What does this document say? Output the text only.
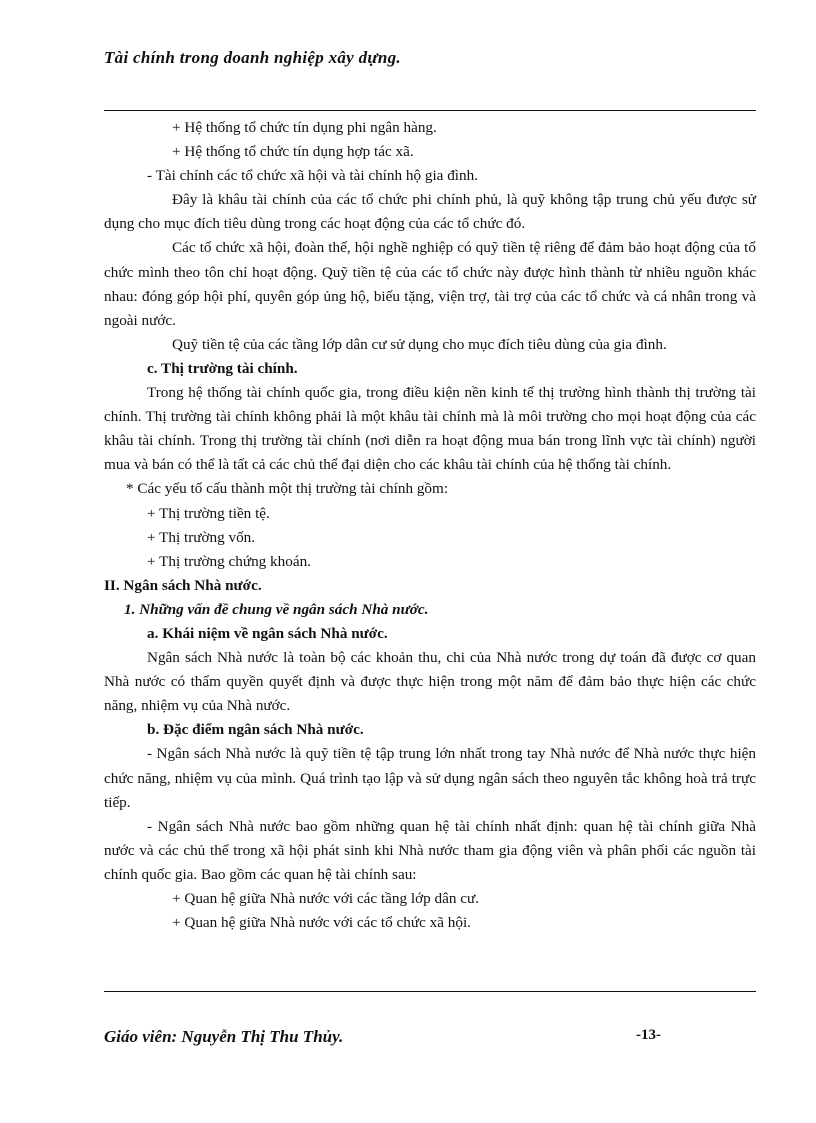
Tài chính trong doanh nghiệp xây dựng.

+ Hệ thống tổ chức tín dụng phi ngân hàng.

+ Hệ thống tổ chức tín dụng hợp tác xã.

- Tài chính các tổ chức xã hội và tài chính hộ gia đình.

Đây là khâu tài chính của các tổ chức phi chính phủ, là quỹ không tập trung chủ yếu được sử dụng cho mục đích tiêu dùng trong các hoạt động của các tổ chức đó.

Các tổ chức xã hội, đoàn thể, hội nghề nghiệp có quỹ tiền tệ riêng để đảm bảo hoạt động của tổ chức mình theo tôn chỉ hoạt động. Quỹ tiền tệ của các tổ chức này được hình thành từ nhiều nguồn khác nhau: đóng góp hội phí, quyên góp ủng hộ, biếu tặng, viện trợ, tài trợ của các tổ chức và cá nhân trong và ngoài nước.

Quỹ tiền tệ của các tầng lớp dân cư sử dụng cho mục đích tiêu dùng của gia đình.

c. Thị trường tài chính.

Trong hệ thống tài chính quốc gia, trong điều kiện nền kinh tế thị trường hình thành thị trường tài chính. Thị trường tài chính không phải là một khâu tài chính mà là môi trường cho mọi hoạt động của các khâu tài chính. Trong thị trường tài chính (nơi diễn ra hoạt động mua bán trong lĩnh vực tài chính) người mua và bán có thể là tất cả các chủ thể đại diện cho các khâu tài chính của hệ thống tài chính.

* Các yếu tố cấu thành một thị trường tài chính gồm:

+ Thị trường tiền tệ.

+ Thị trường vốn.

+ Thị trường chứng khoán.

II. Ngân sách Nhà nước.

1. Những vấn đề chung về ngân sách Nhà nước.

a. Khái niệm về ngân sách Nhà nước.

Ngân sách Nhà nước là toàn bộ các khoản thu, chi của Nhà nước trong dự toán đã được cơ quan Nhà nước có thẩm quyền quyết định và được thực hiện trong một năm để đảm bảo thực hiện các chức năng, nhiệm vụ của Nhà nước.

b. Đặc điểm ngân sách Nhà nước.

- Ngân sách Nhà nước là quỹ tiền tệ tập trung lớn nhất trong tay Nhà nước để Nhà nước thực hiện chức năng, nhiệm vụ của mình. Quá trình tạo lập và sử dụng ngân sách theo nguyên tắc không hoà trả trực tiếp.

- Ngân sách Nhà nước bao gồm những quan hệ tài chính nhất định: quan hệ tài chính giữa Nhà nước và các chủ thể trong xã hội phát sinh khi Nhà nước tham gia động viên và phân phối các nguồn tài chính quốc gia. Bao gồm các quan hệ tài chính sau:

+ Quan hệ giữa Nhà nước với các tầng lớp dân cư.

+ Quan hệ giữa Nhà nước với các tổ chức xã hội.

Giáo viên: Nguyễn Thị Thu Thủy.	-13-
